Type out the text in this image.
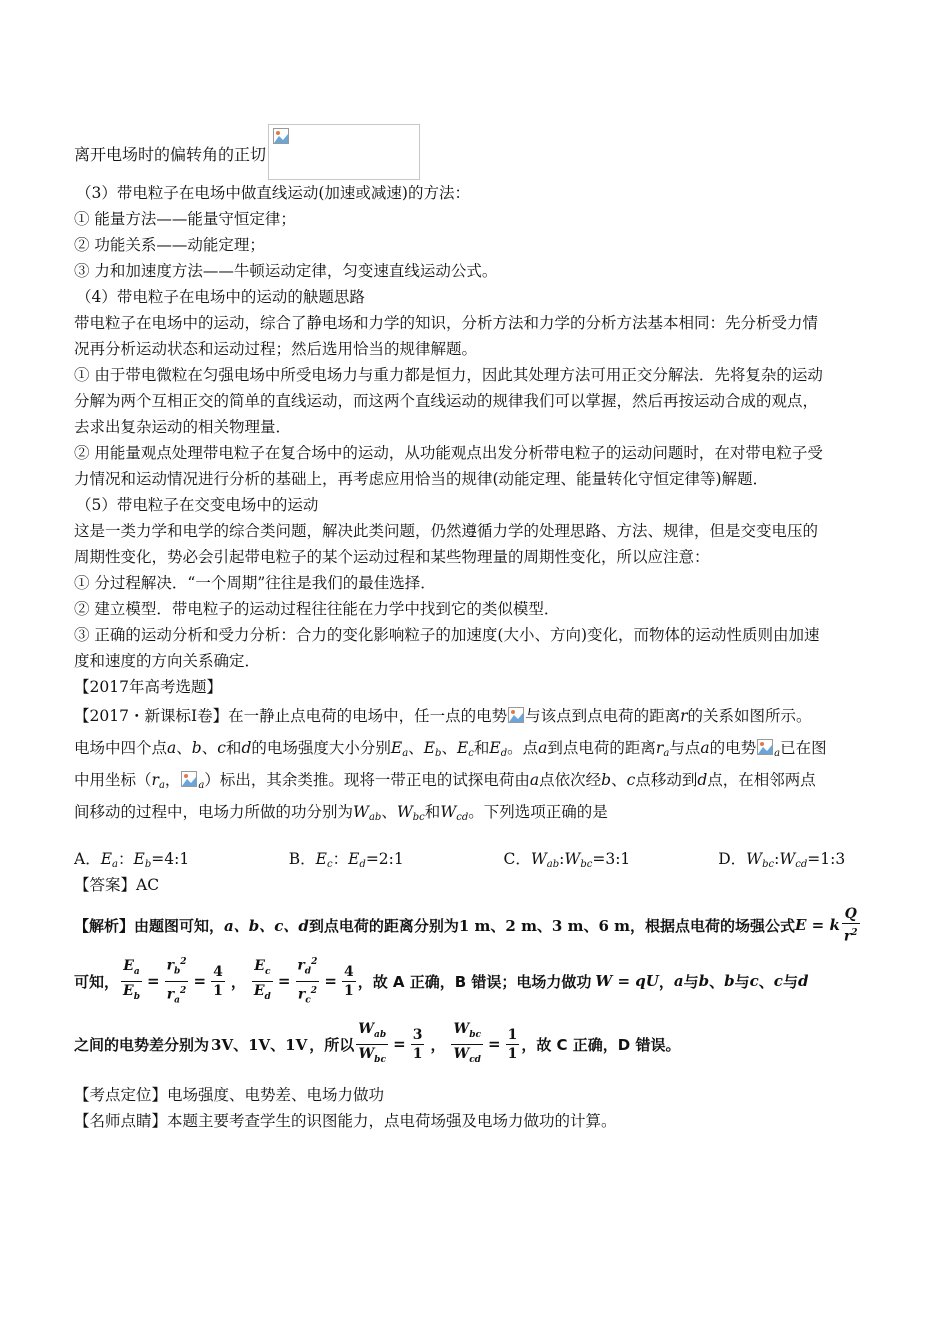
离开电场时的偏转角的正切
（3）带电粒子在电场中做直线运动(加速或减速)的方法：
① 能量方法——能量守恒定律；
② 功能关系——动能定理；
③ 力和加速度方法——牛顿运动定律，匀变速直线运动公式。
（4）带电粒子在电场中的运动的觖题思路
带电粒子在电场中的运动，综合了静电场和力学的知识，分析方法和力学的分析方法基本相同：先分析受力情
况再分析运动状态和运动过程；然后选用恰当的规律解题。
① 由于带电微粒在匀强电场中所受电场力与重力都是恒力，因此其处理方法可用正交分解法．先将复杂的运动
分解为两个互相正交的简单的直线运动，而这两个直线运动的规律我们可以掌握，然后再按运动合成的观点，
去求出复杂运动的相关物理量．
② 用能量观点处理带电粒子在复合场中的运动，从功能观点出发分析带电粒子的运动问题时，在对带电粒子受
力情况和运动情况进行分析的基础上，再考虑应用恰当的规律(动能定理、能量转化守恒定律等)解题．
（5）带电粒子在交变电场中的运动
这是一类力学和电学的综合类问题，解决此类问题，仍然遵循力学的处理思路、方法、规律，但是交变电压的
周期性变化，势必会引起带电粒子的某个运动过程和某些物理量的周期性变化，所以应注意：
① 分过程解决．“一个周期”往往是我们的最佳选择．
② 建立模型．带电粒子的运动过程往往能在力学中找到它的类似模型．
③ 正确的运动分析和受力分析：合力的变化影响粒子的加速度(大小、方向)变化，而物体的运动性质则由加速
度和速度的方向关系确定．
【2017年高考选题】
【2017・新课标Ⅰ卷】在一静止点电荷的电场中，任一点的电势 与该点到点电荷的距离r的关系如图所示。
电场中四个点a、b、c和d的电场强度大小分别$E_a$、$E_b$、$E_c$和$E_d$。点a到点电荷的距离$r_a$与点a的电势 $_a$已在图
中用坐标（$r_a$， $_a$）标出，其余类推。现将一带正电的试探电荷由a点依次经b、c点移动到d点，在相邻两点
间移动的过程中，电场力所做的功分别为$W_{ab}$、$W_{bc}$和$W_{cd}$。下列选项正确的是
A．$E_a$：$E_b=4:1$	B．$E_c$：$E_d=2:1$	C．$W_{ab}:W_{bc}=3:1$	D．$W_{bc}:W_{cd}=1:3$
【答案】AC
【解析】由题图可知， a、b、c、d 到点电荷的距离分别为 1 m、2 m、3 m、6 m ，根据点电荷的场强公式 E = k $\frac{Q}{r^2}$
可知， $\frac{E_a}{E_b} = \frac{r_b^2}{r_a^2} = \frac{4}{1}$ ， $\frac{E_c}{E_d} = \frac{r_d^2}{r_c^2} = \frac{4}{1}$ ，故 A 正确，B 错误；电场力做功 W = qU ， a 与 b 、 b 与 c 、 c 与 d
之间的电势差分别为 3V、1V、1V ，所以 $\frac{W_{ab}}{W_{bc}} = \frac{3}{1}$ ， $\frac{W_{bc}}{W_{cd}} = \frac{1}{1}$ ，故 C 正确，D 错误。
【考点定位】电场强度、电势差、电场力做功
【名师点睛】本题主要考查学生的识图能力，点电荷场强及电场力做功的计算。
